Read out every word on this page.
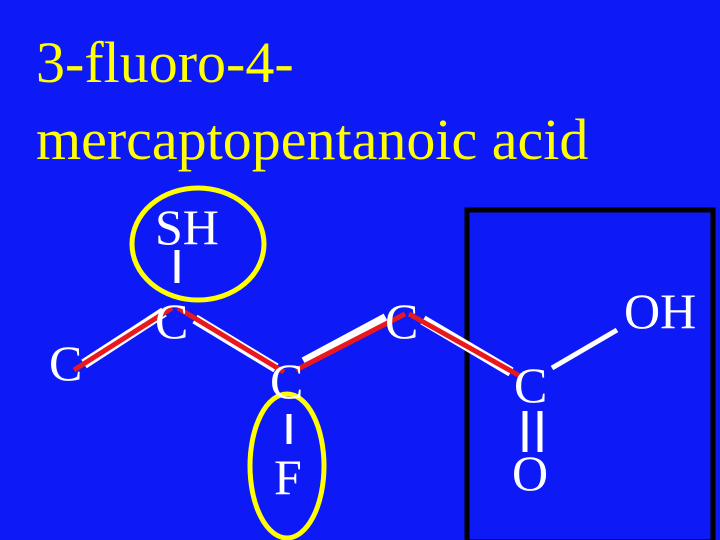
3-fluoro-4-
mercaptopentanoic acid
C
C
SH
C
F
C
C
O
OH
